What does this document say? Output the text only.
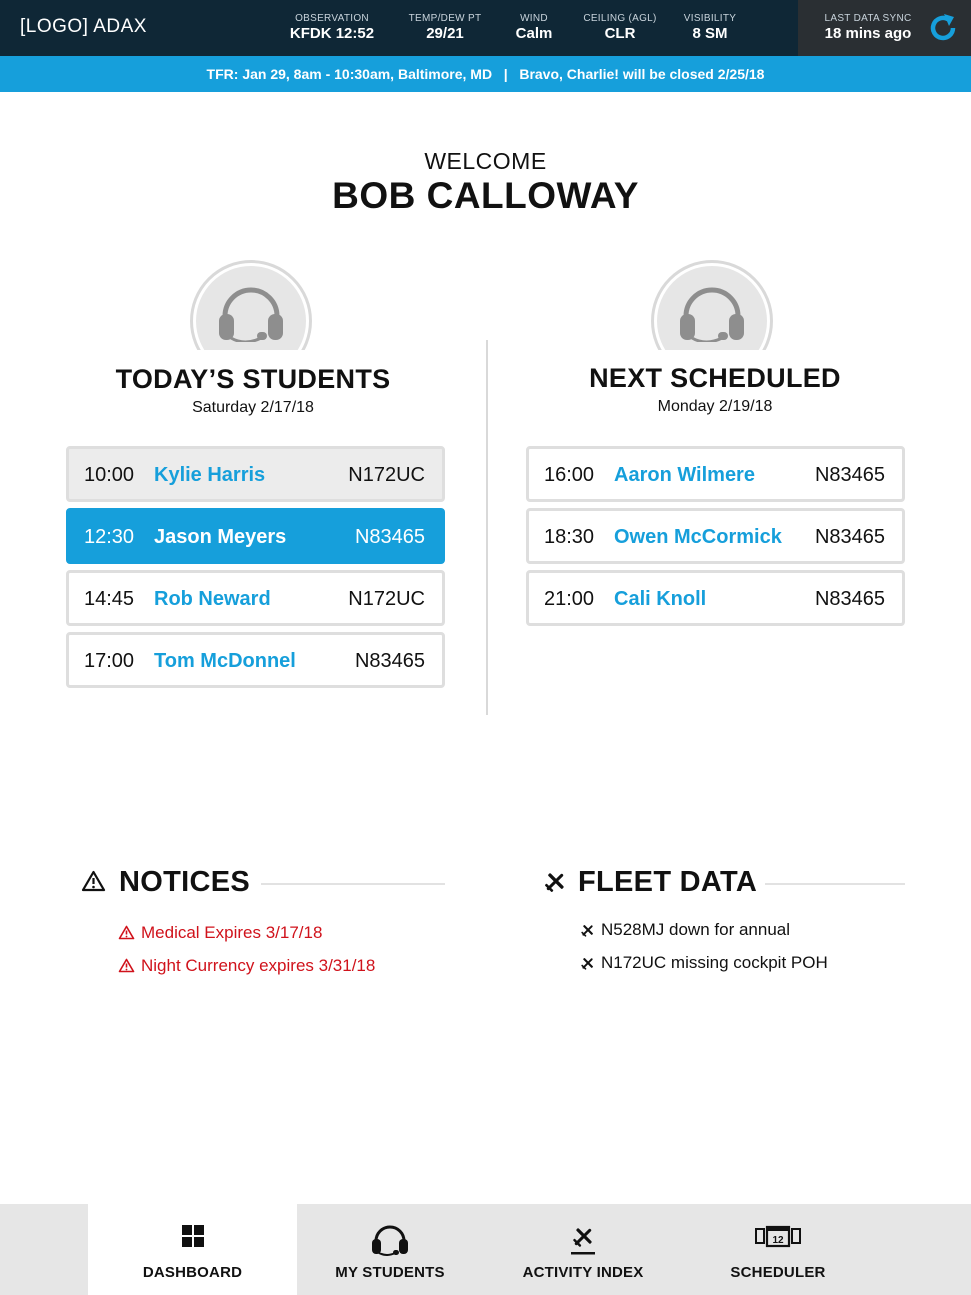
[LOGO] ADAX	OBSERVATION
KFDK 12:52
TEMP/DEW PT
29/21
WIND
Calm
CEILING (AGL)
CLR
VISIBILITY
8 SM
LAST DATA SYNC
18 mins ago
TFR: Jan 29, 8am - 10:30am, Baltimore, MD   |   Bravo, Charlie! will be closed 2/25/18
WELCOME
BOB CALLOWAY
TODAY’S STUDENTS
Saturday 2/17/18
10:00 Kylie Harris	N172UC
12:30 Jason Meyers	N83465
14:45 Rob Neward	N172UC
17:00 Tom McDonnel	N83465
NEXT SCHEDULED
Monday 2/19/18
16:00 Aaron Wilmere	N83465
18:30 Owen McCormick N83465
21:00 Cali Knoll	N83465
NOTICES
Medical Expires 3/17/18
Night Currency expires 3/31/18
FLEET DATA
N528MJ down for annual
N172UC missing cockpit POH
DASHBOARD	MY STUDENTS	ACTIVITY INDEX
12
SCHEDULER
